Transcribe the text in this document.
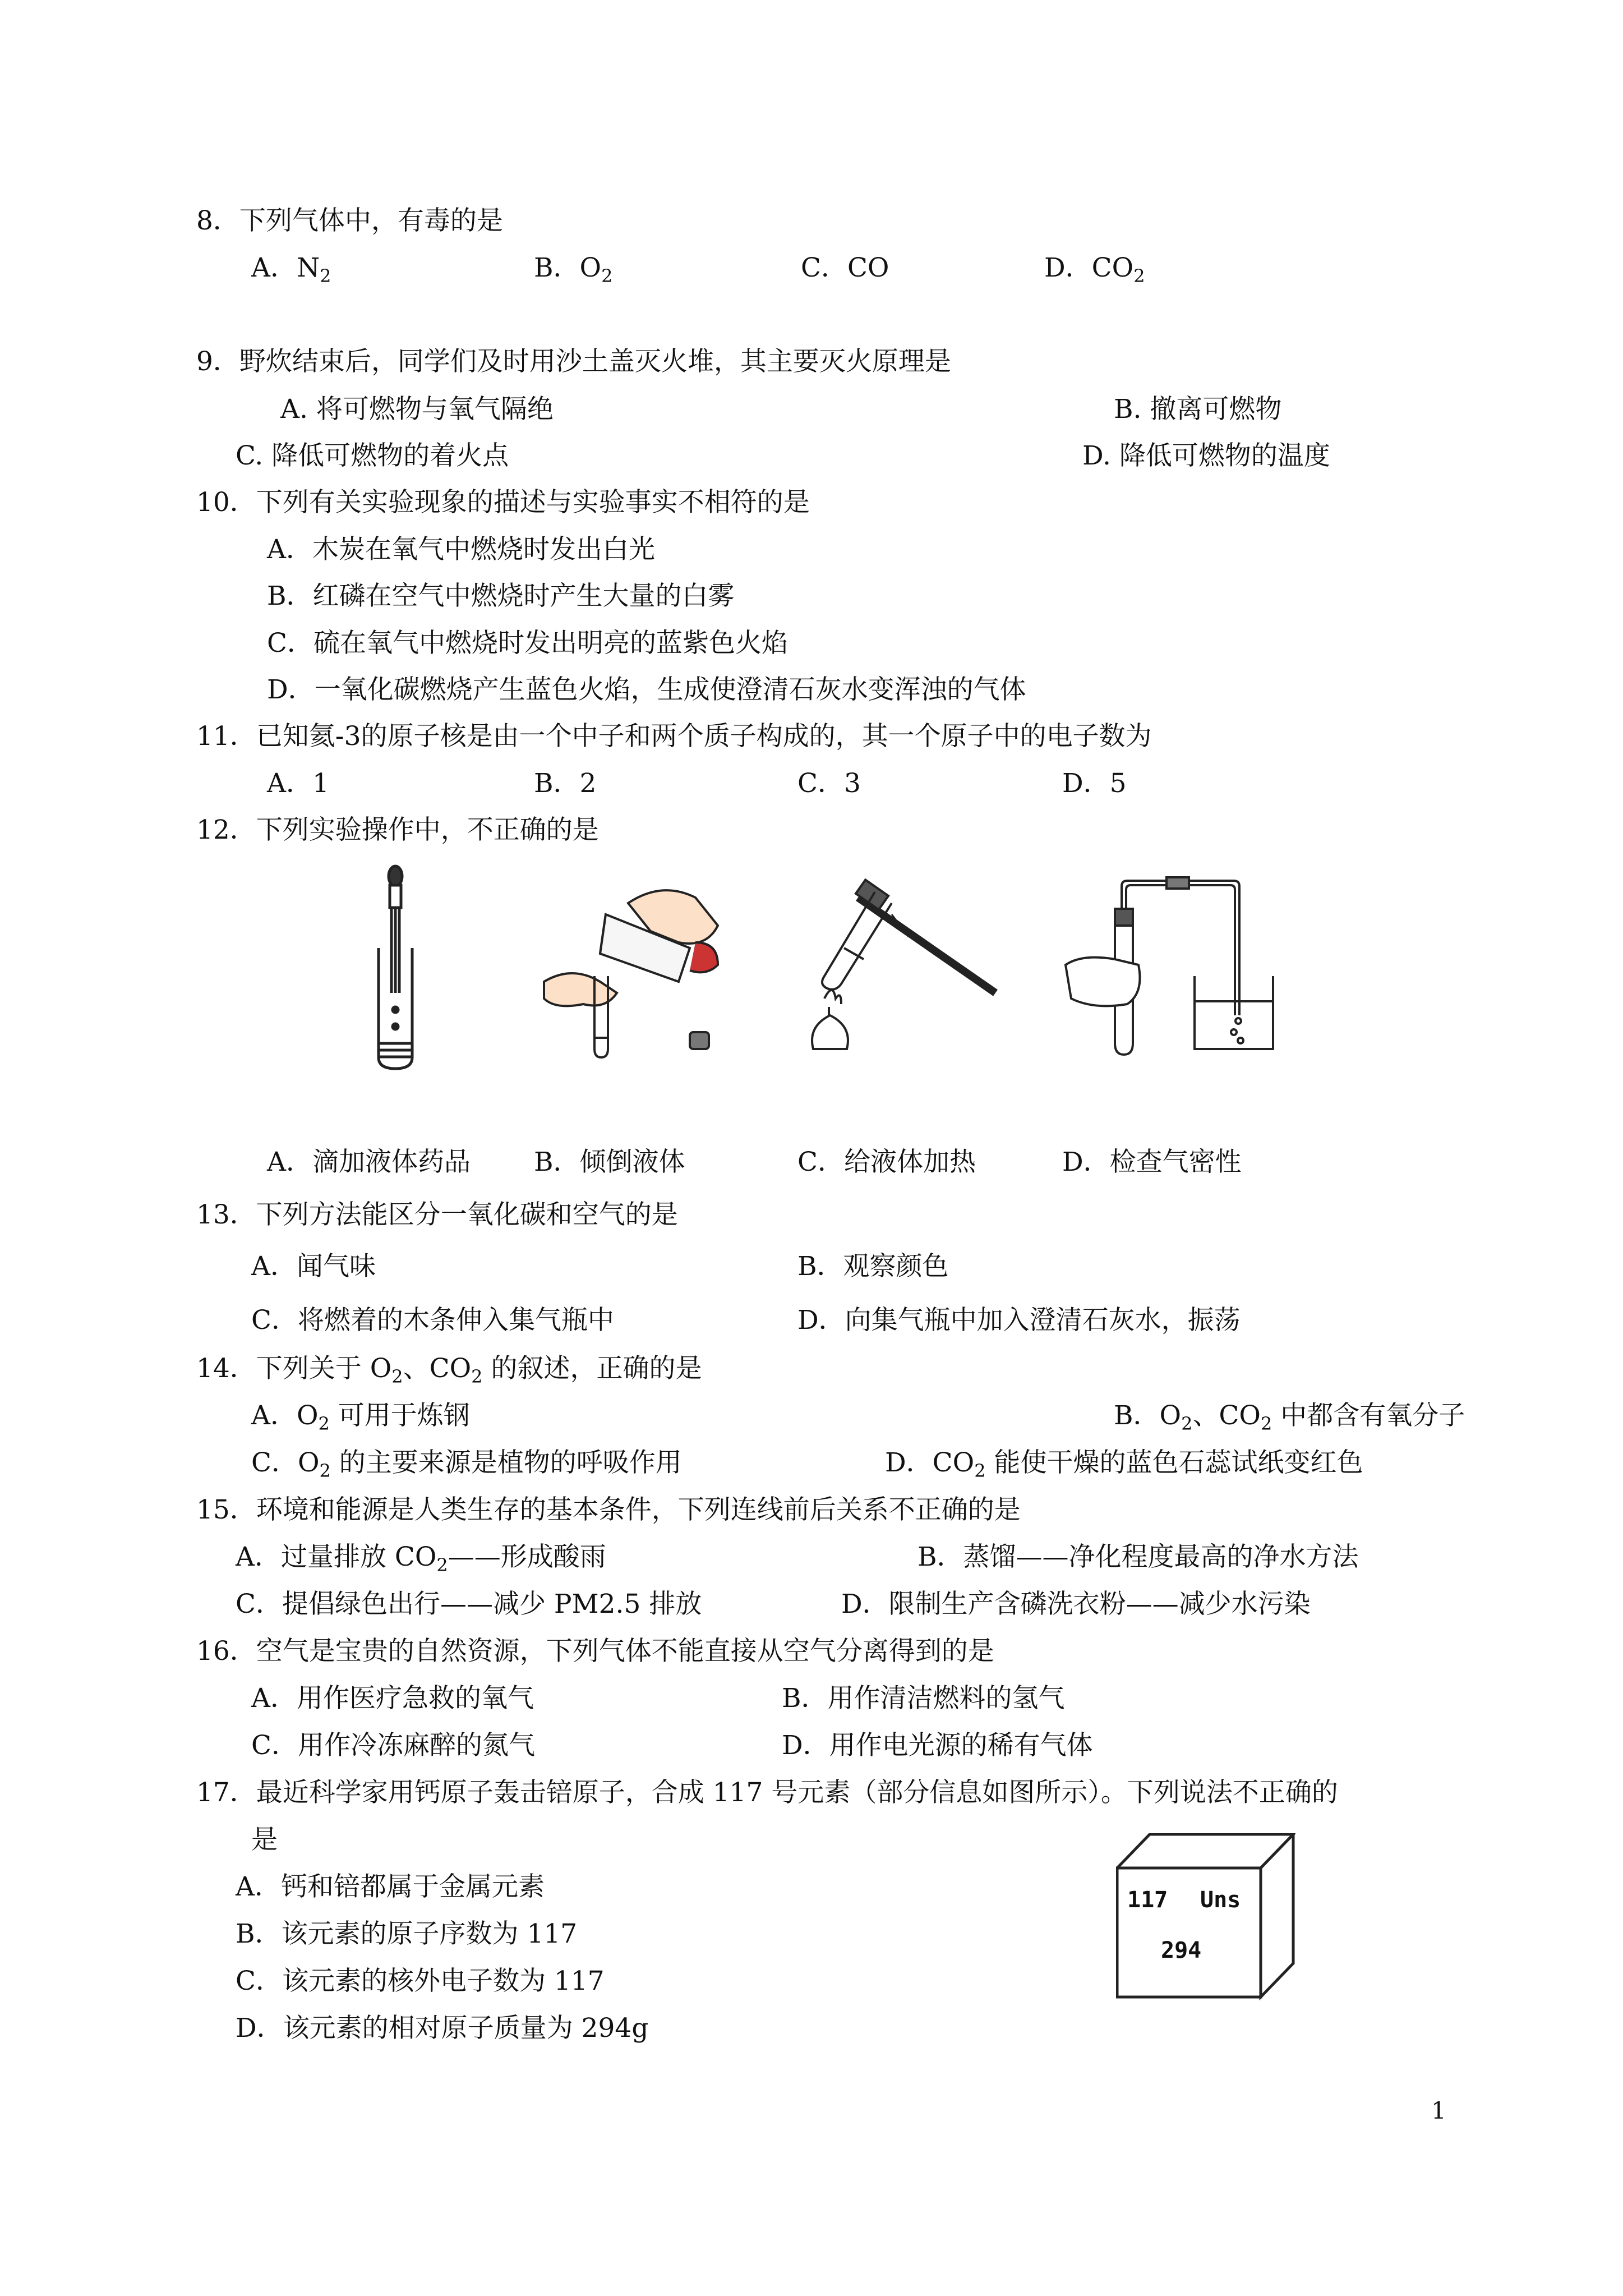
8．下列气体中，有毒的是
A．$N_2$	B．$O_2$	C．CO	D．$CO_2$
9．野炊结束后，同学们及时用沙土盖灭火堆，其主要灭火原理是
A. 将可燃物与氧气隔绝	B. 撤离可燃物
C. 降低可燃物的着火点	D. 降低可燃物的温度
10．下列有关实验现象的描述与实验事实不相符的是
A．木炭在氧气中燃烧时发出白光
B．红磷在空气中燃烧时产生大量的白雾
C．硫在氧气中燃烧时发出明亮的蓝紫色火焰
D．一氧化碳燃烧产生蓝色火焰，生成使澄清石灰水变浑浊的气体
11．已知氦-3的原子核是由一个中子和两个质子构成的，其一个原子中的电子数为
A．1	B．2	C．3	D．5
12．下列实验操作中，不正确的是
A．滴加液体药品 B．倾倒液体	C．给液体加热	D．检查气密性
13．下列方法能区分一氧化碳和空气的是
A．闻气味	B．观察颜色
C．将燃着的木条伸入集气瓶中	D．向集气瓶中加入澄清石灰水，振荡
14．下列关于 $O_2$、$CO_2$ 的叙述，正确的是
A．$O_2$ 可用于炼钢	B．$O_2$、$CO_2$ 中都含有氧分子
C．$O_2$ 的主要来源是植物的呼吸作用	D．$CO_2$ 能使干燥的蓝色石蕊试纸变红色
15．环境和能源是人类生存的基本条件，下列连线前后关系不正确的是
A．过量排放 $CO_2——$形成酸雨	B．蒸馏——净化程度最高的净水方法
C．提倡绿色出行——减少 PM2.5 排放	D．限制生产含磷洗衣粉——减少水污染
16．空气是宝贵的自然资源，下列气体不能直接从空气分离得到的是
A．用作医疗急救的氧气	B．用作清洁燃料的氢气
C．用作冷冻麻醉的氮气	D．用作电光源的稀有气体
17．最近科学家用钙原子轰击锫原子，合成 117 号元素（部分信息如图所示）。下列说法不正确的
是
A．钙和锫都属于金属元素
B．该元素的原子序数为 117
C．该元素的核外电子数为 117
D．该元素的相对原子质量为 294g
117 Uns
294
1
